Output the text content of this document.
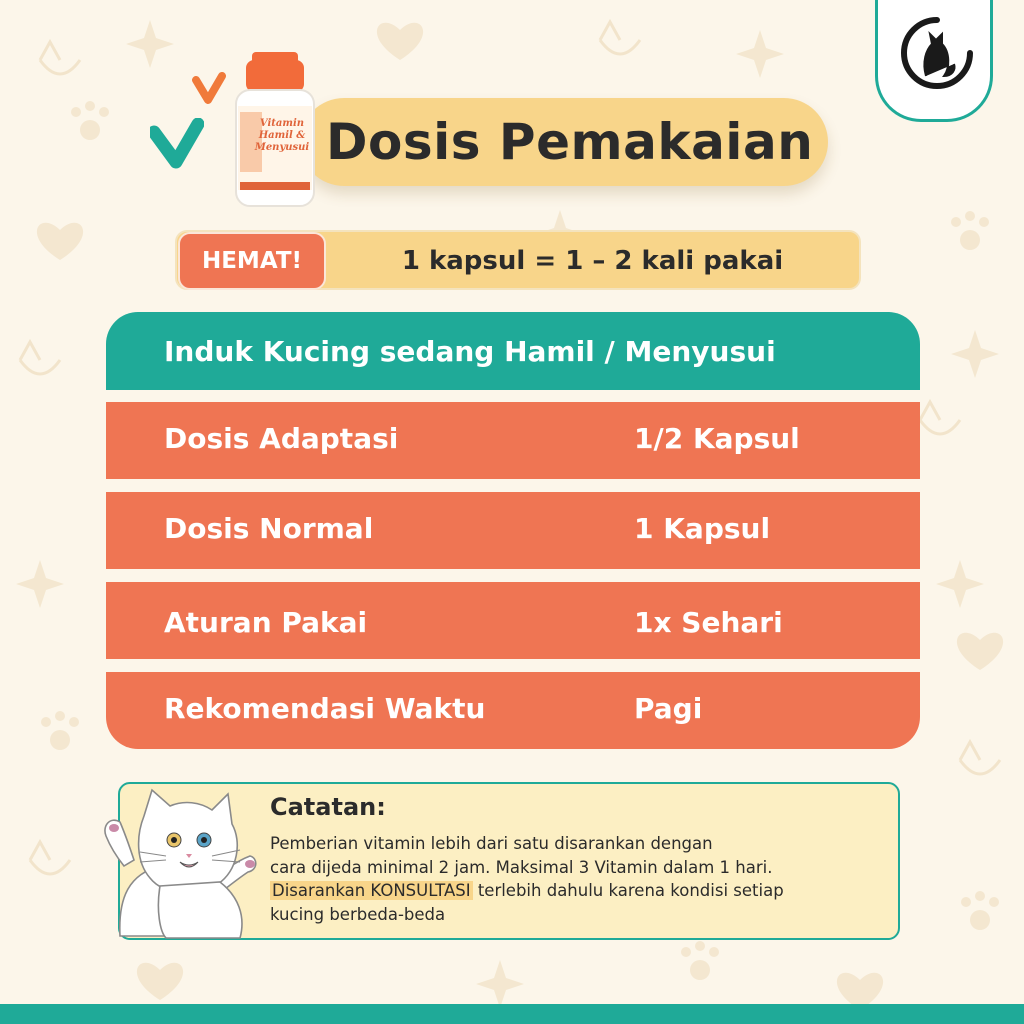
Dosis Pemakaian
Vitamin
Hamil &
Menyusui
HEMAT!	1 kapsul = 1 – 2 kali pakai
Induk Kucing sedang Hamil / Menyusui
Dosis Adaptasi	1/2 Kapsul
Dosis Normal	1 Kapsul
Aturan Pakai	1x Sehari
Rekomendasi Waktu	Pagi
Catatan:
Pemberian vitamin lebih dari satu disarankan dengan
cara dijeda minimal 2 jam. Maksimal 3 Vitamin dalam 1 hari.
Disarankan KONSULTASI terlebih dahulu karena kondisi setiap
kucing berbeda-beda
